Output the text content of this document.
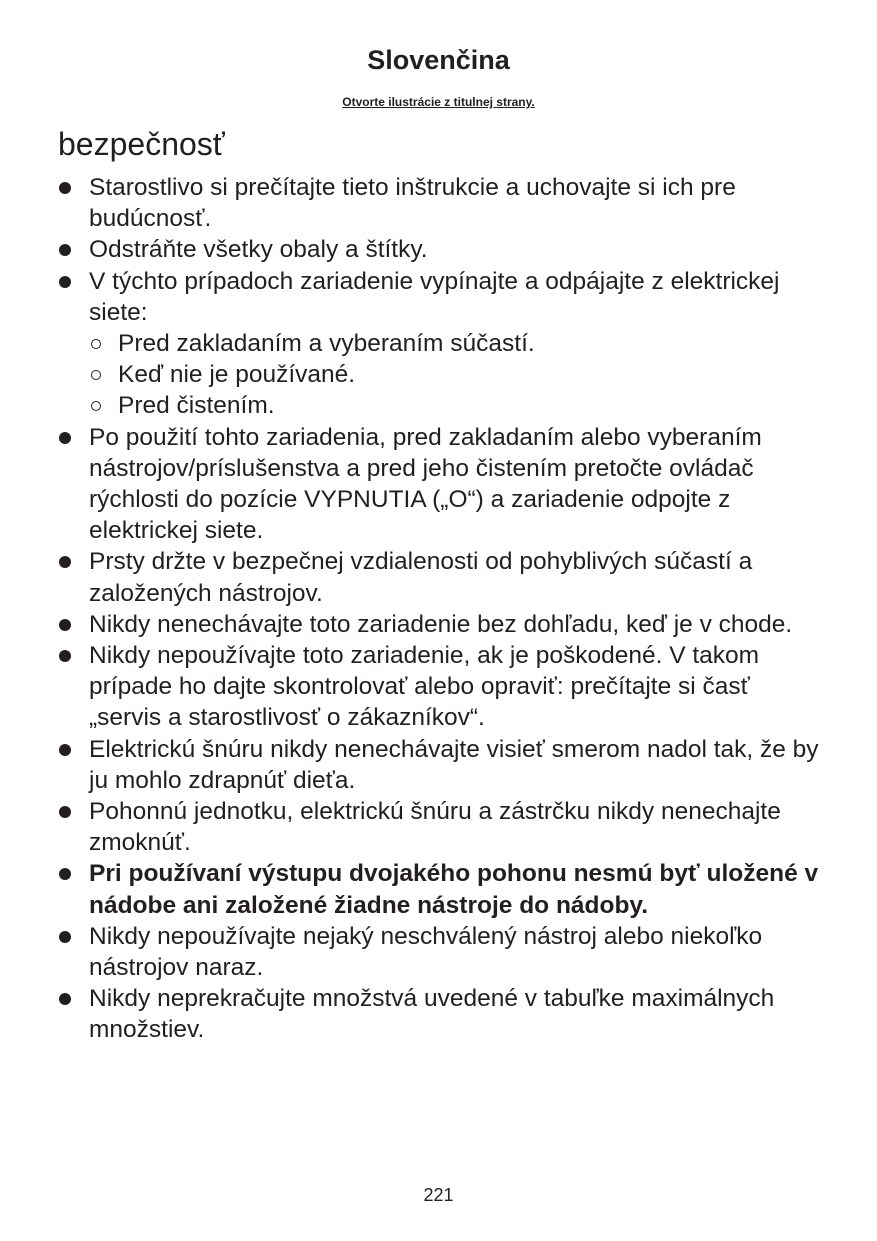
Slovenčina

Otvorte ilustrácie z titulnej strany.

bezpečnosť
Starostlivo si prečítajte tieto inštrukcie a uchovajte si ich pre budúcnosť.
Odstráňte všetky obaly a štítky.
V týchto prípadoch zariadenie vypínajte a odpájajte z elektrickej siete:
Pred zakladaním a vyberaním súčastí.
Keď nie je používané.
Pred čistením.
Po použití tohto zariadenia, pred zakladaním alebo vyberaním nástrojov/príslušenstva a pred jeho čistením pretočte ovládač rýchlosti do pozície VYPNUTIA („O“) a zariadenie odpojte z elektrickej siete.
Prsty držte v bezpečnej vzdialenosti od pohyblivých súčastí a založených nástrojov.
Nikdy nenechávajte toto zariadenie bez dohľadu, keď je v chode.
Nikdy nepoužívajte toto zariadenie, ak je poškodené. V takom prípade ho dajte skontrolovať alebo opraviť: prečítajte si časť „servis a starostlivosť o zákazníkov“.
Elektrickú šnúru nikdy nenechávajte visieť smerom nadol tak, že by ju mohlo zdrapnúť dieťa.
Pohonnú jednotku, elektrickú šnúru a zástrčku nikdy nenechajte zmoknúť.
Pri používaní výstupu dvojakého pohonu nesmú byť uložené v nádobe ani založené žiadne nástroje do nádoby.
Nikdy nepoužívajte nejaký neschválený nástroj alebo niekoľko nástrojov naraz.
Nikdy neprekračujte množstvá uvedené v tabuľke maximálnych množstiev.
221
